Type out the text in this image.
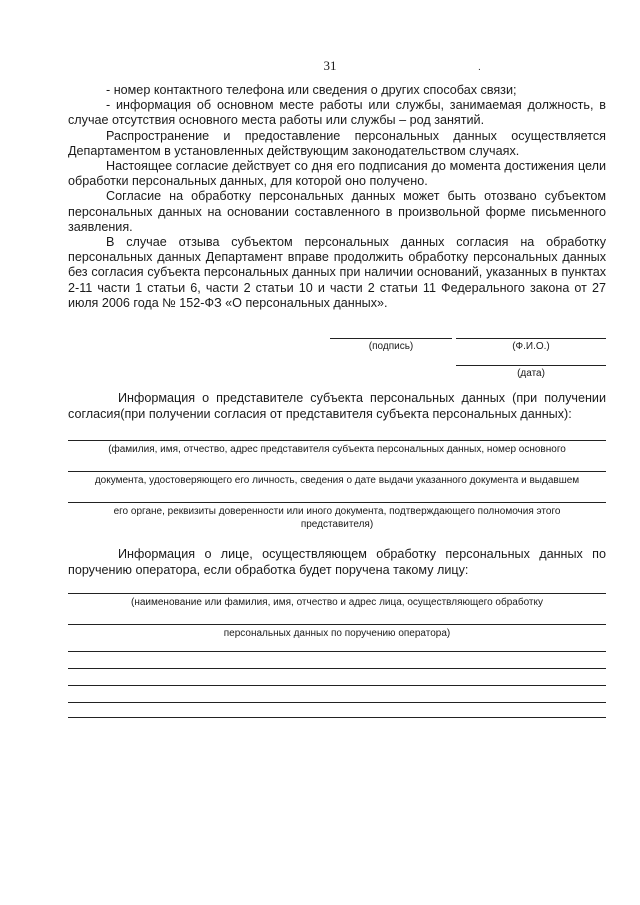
31	.

- номер контактного телефона или сведения о других способах связи;

- информация об основном месте работы или службы, занимаемая должность, в случае отсутствия основного места работы или службы – род занятий.

Распространение и предоставление персональных данных осуществляется Департаментом в установленных действующим законодательством случаях.

Настоящее согласие действует со дня его подписания до момента достижения цели обработки персональных данных, для которой оно получено.

Согласие на обработку персональных данных может быть отозвано субъектом персональных данных на основании составленного в произвольной форме письменного заявления.

В случае отзыва субъектом персональных данных согласия на обработку персональных данных Департамент вправе продолжить обработку персональных данных без согласия субъекта персональных данных при наличии оснований, указанных в пунктах 2-11 части 1 статьи 6, части 2 статьи 10 и части 2 статьи 11 Федерального закона от 27 июля 2006 года № 152-ФЗ «О персональных данных».

(подпись)	(Ф.И.О.)
(дата)
Информация о представителе субъекта персональных данных (при получении согласия(при получении согласия от представителя субъекта персональных данных):
(фамилия, имя, отчество, адрес представителя субъекта персональных данных, номер основного
документа, удостоверяющего его личность, сведения о дате выдачи указанного документа и выдавшем
его органе, реквизиты доверенности или иного документа, подтверждающего полномочия этого
представителя)
Информация о лице, осуществляющем обработку персональных данных по поручению оператора, если обработка будет поручена такому лицу:
(наименование или фамилия, имя, отчество и адрес лица, осуществляющего обработку
персональных данных по поручению оператора)
